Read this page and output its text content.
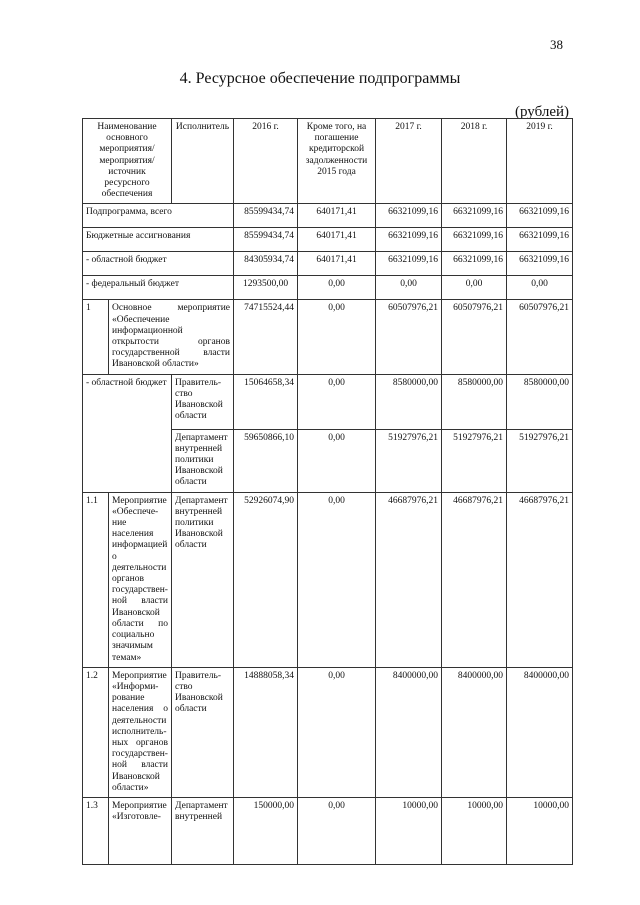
38
4. Ресурсное обеспечение подпрограммы
(рублей)
Наименование основного мероприятия/мероприятия/источник ресурсного обеспечения		Исполнитель	2016 г.	Кроме того, на погашение кредиторской задолженности 2015 года	2017 г.	2018 г.	2019 г.
Подпрограмма, всего			85599434,74	640171,41	66321099,16	66321099,16	66321099,16
Бюджетные ассигнования			85599434,74	640171,41	66321099,16	66321099,16	66321099,16
- областной бюджет			84305934,74	640171,41	66321099,16	66321099,16	66321099,16
- федеральный бюджет			1293500,00	0,00	0,00	0,00	0,00
1	Основное мероприятие «Обеспечение информационной открытости органов государственной власти Ивановской области»		74715524,44	0,00	60507976,21	60507976,21	60507976,21
- областной бюджет		Правитель-ство Ивановской области	15064658,34	0,00	8580000,00	8580000,00	8580000,00
		Департамент внутренней политики Ивановской области	59650866,10	0,00	51927976,21	51927976,21	51927976,21
1.1	Мероприятие «Обеспече-ние населения информацией о деятельности органов государствен-ной власти Ивановской области по социально значимым темам»	Департамент внутренней политики Ивановской области	52926074,90	0,00	46687976,21	46687976,21	46687976,21
1.2	Мероприятие «Информи-рование населения о деятельности исполнитель-ных органов государствен-ной власти Ивановской области»	Правитель-ство Ивановской области	14888058,34	0,00	8400000,00	8400000,00	8400000,00
1.3	Мероприятие «Изготовле-	Департамент внутренней	150000,00	0,00	10000,00	10000,00	10000,00
